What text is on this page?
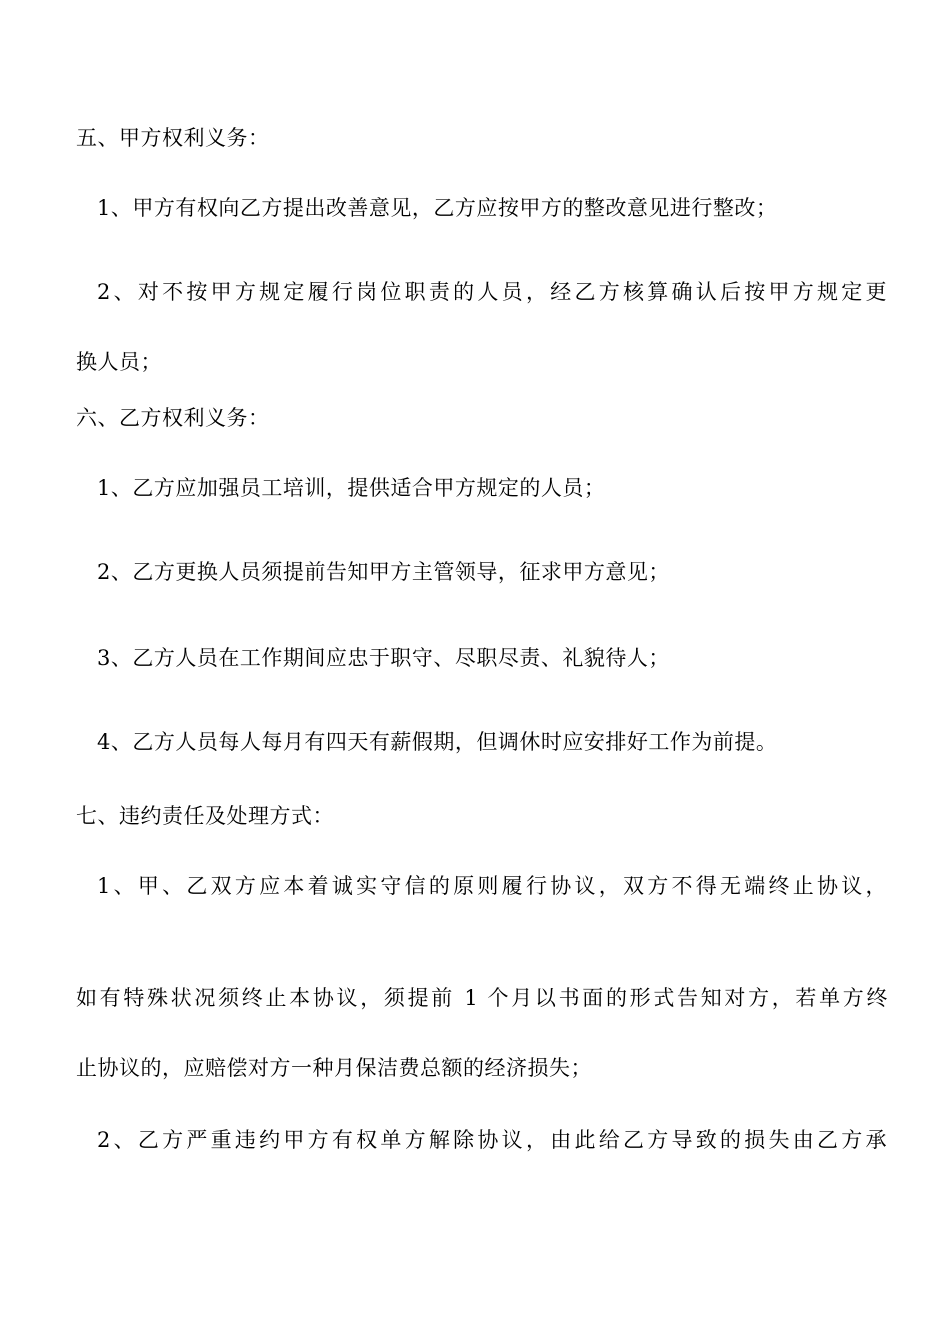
五、甲方权利义务：
1、甲方有权向乙方提出改善意见，乙方应按甲方的整改意见进行整改；
2、对不按甲方规定履行岗位职责的人员，经乙方核算确认后按甲方规定更
换人员；
六、乙方权利义务：
1、乙方应加强员工培训，提供适合甲方规定的人员；
2、乙方更换人员须提前告知甲方主管领导，征求甲方意见；
3、乙方人员在工作期间应忠于职守、尽职尽责、礼貌待人；
4、乙方人员每人每月有四天有薪假期，但调休时应安排好工作为前提。
七、违约责任及处理方式：
1、甲、乙双方应本着诚实守信的原则履行协议，双方不得无端终止协议，
如有特殊状况须终止本协议，须提前 1 个月以书面的形式告知对方，若单方终
止协议的，应赔偿对方一种月保洁费总额的经济损失；
2、乙方严重违约甲方有权单方解除协议，由此给乙方导致的损失由乙方承
